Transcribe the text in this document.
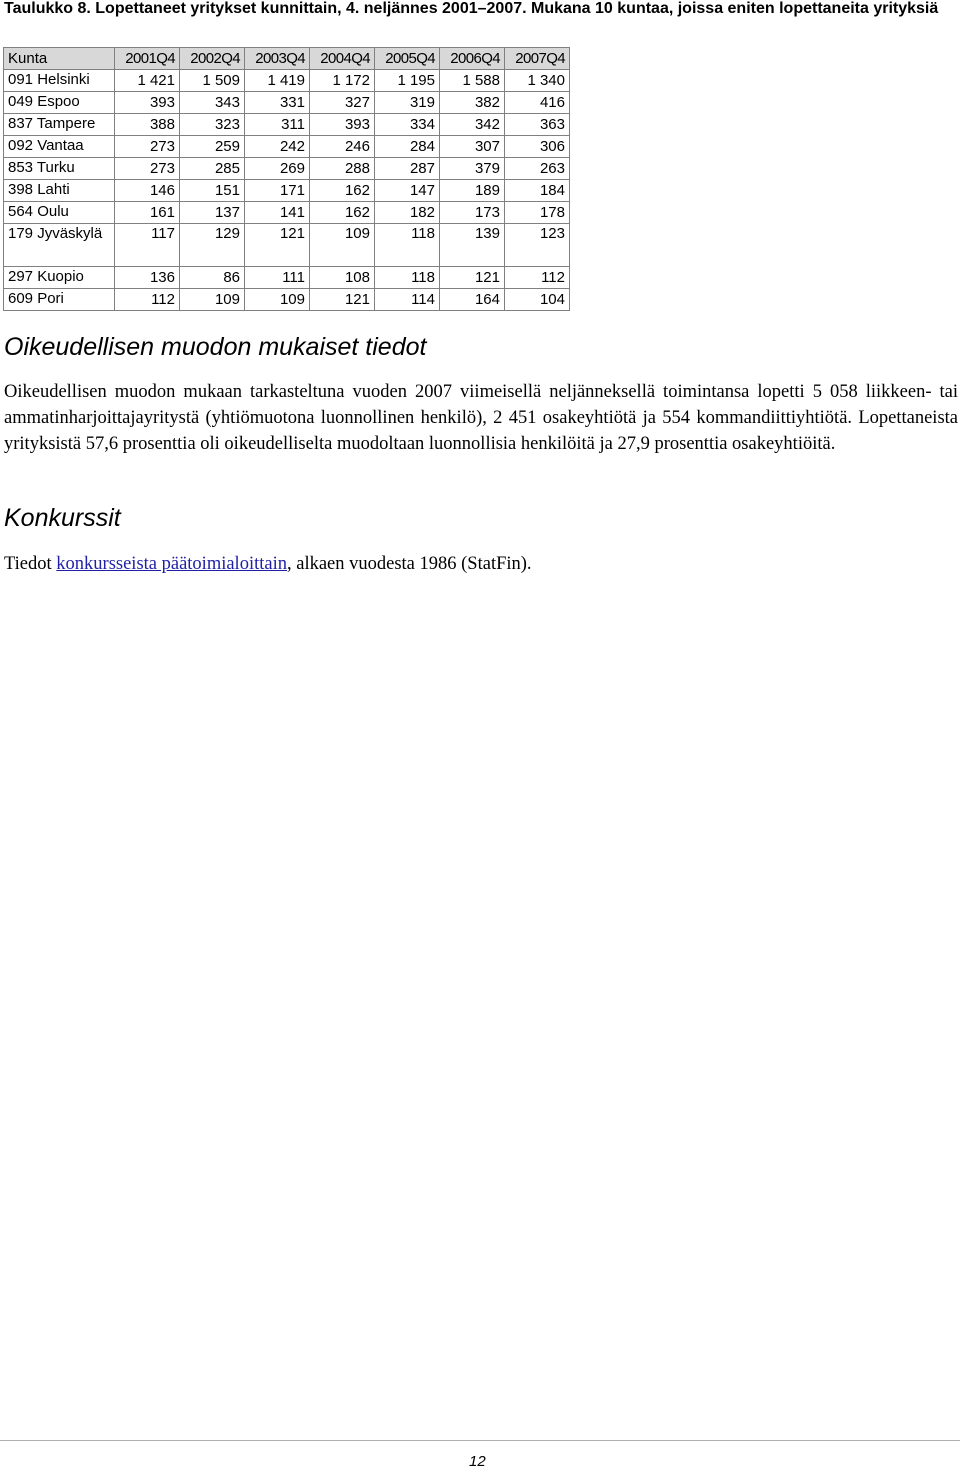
Taulukko 8. Lopettaneet yritykset kunnittain, 4. neljännes 2001–2007. Mukana 10 kuntaa, joissa eniten lopettaneita yrityksiä

Kunta	2001Q4	2002Q4	2003Q4	2004Q4	2005Q4	2006Q4	2007Q4
091 Helsinki	1 421	1 509	1 419	1 172	1 195	1 588	1 340
049 Espoo	393	343	331	327	319	382	416
837 Tampere	388	323	311	393	334	342	363
092 Vantaa	273	259	242	246	284	307	306
853 Turku	273	285	269	288	287	379	263
398 Lahti	146	151	171	162	147	189	184
564 Oulu	161	137	141	162	182	173	178
179 Jyväskylä	117	129	121	109	118	139	123
297 Kuopio	136	86	111	108	118	121	112
609 Pori	112	109	109	121	114	164	104
Oikeudellisen muodon mukaiset tiedot

Oikeudellisen muodon mukaan tarkasteltuna vuoden 2007 viimeisellä neljänneksellä toimintansa lopetti 5 058 liikkeen- tai ammatinharjoittajayritystä (yhtiömuotona luonnollinen henkilö), 2 451 osakeyhtiötä ja 554 kommandiittiyhtiötä. Lopettaneista yrityksistä 57,6 prosenttia oli oikeudelliselta muodoltaan luonnollisia henkilöitä ja 27,9 prosenttia osakeyhtiöitä.

Konkurssit

Tiedot konkursseista päätoimialoittain, alkaen vuodesta 1986 (StatFin).

12
